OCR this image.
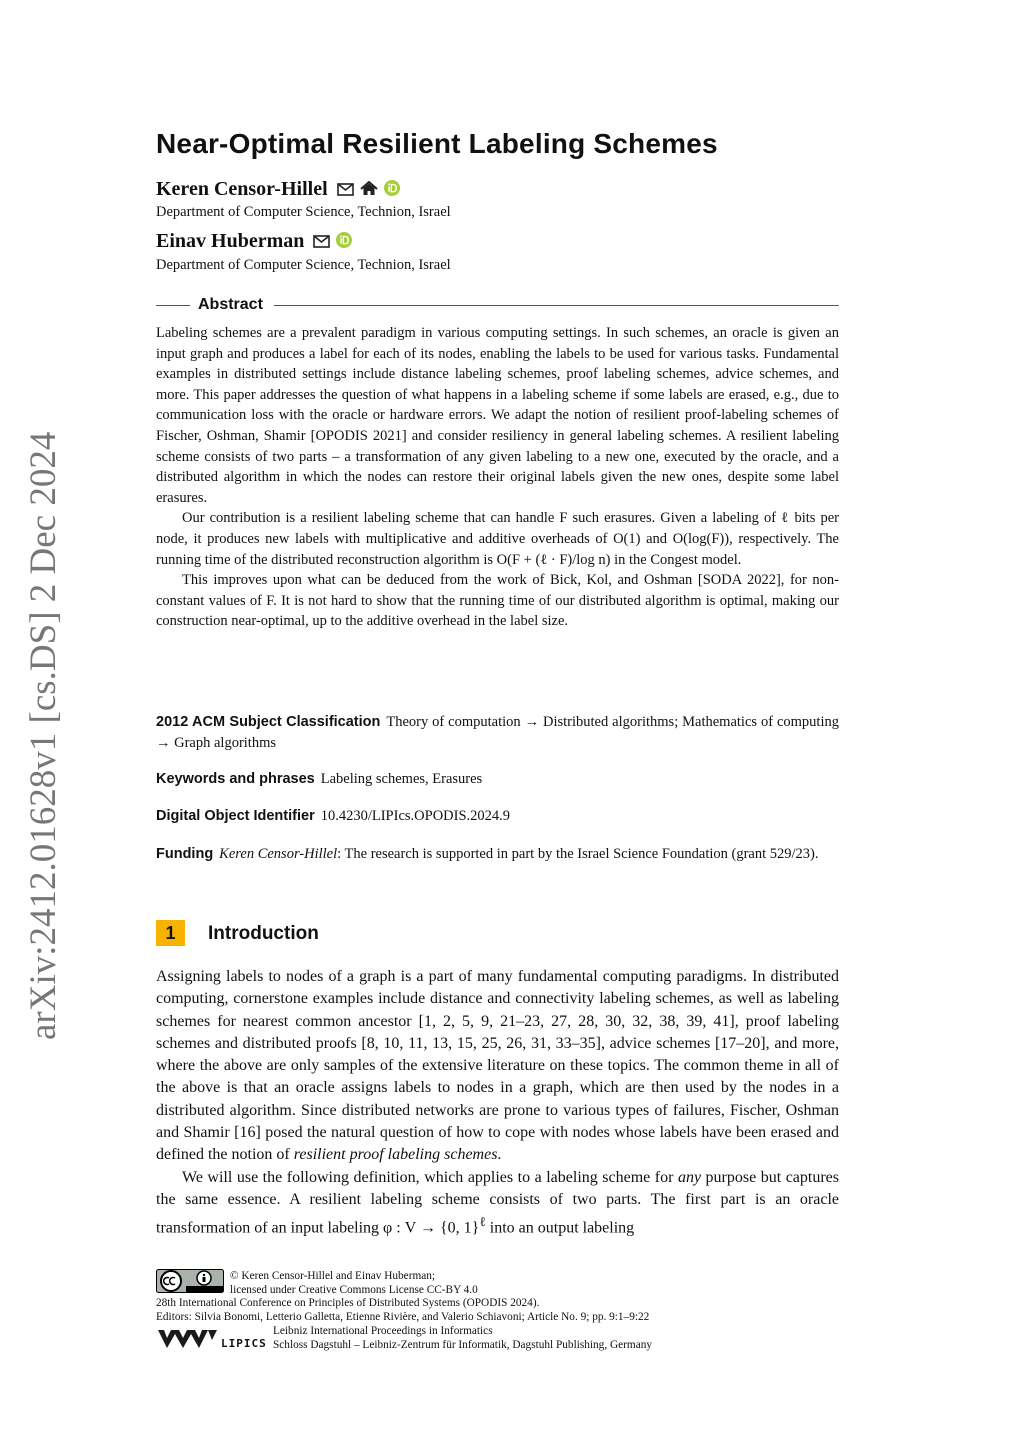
arXiv:2412.01628v1 [cs.DS] 2 Dec 2024
Near-Optimal Resilient Labeling Schemes
Keren Censor-Hillel
Department of Computer Science, Technion, Israel
Einav Huberman
Department of Computer Science, Technion, Israel
Abstract

Labeling schemes are a prevalent paradigm in various computing settings. In such schemes, an oracle is given an input graph and produces a label for each of its nodes, enabling the labels to be used for various tasks. Fundamental examples in distributed settings include distance labeling schemes, proof labeling schemes, advice schemes, and more. This paper addresses the question of what happens in a labeling scheme if some labels are erased, e.g., due to communication loss with the oracle or hardware errors. We adapt the notion of resilient proof-labeling schemes of Fischer, Oshman, Shamir [OPODIS 2021] and consider resiliency in general labeling schemes. A resilient labeling scheme consists of two parts – a transformation of any given labeling to a new one, executed by the oracle, and a distributed algorithm in which the nodes can restore their original labels given the new ones, despite some label erasures.

Our contribution is a resilient labeling scheme that can handle F such erasures. Given a labeling of ℓ bits per node, it produces new labels with multiplicative and additive overheads of O(1) and O(log(F)), respectively. The running time of the distributed reconstruction algorithm is O(F + (ℓ · F)/log n) in the Congest model.

This improves upon what can be deduced from the work of Bick, Kol, and Oshman [SODA 2022], for non-constant values of F. It is not hard to show that the running time of our distributed algorithm is optimal, making our construction near-optimal, up to the additive overhead in the label size.

2012 ACM Subject Classification Theory of computation → Distributed algorithms; Mathematics of computing → Graph algorithms
Keywords and phrases Labeling schemes, Erasures
Digital Object Identifier 10.4230/LIPIcs.OPODIS.2024.9
Funding Keren Censor-Hillel: The research is supported in part by the Israel Science Foundation (grant 529/23).
1	Introduction

Assigning labels to nodes of a graph is a part of many fundamental computing paradigms. In distributed computing, cornerstone examples include distance and connectivity labeling schemes, as well as labeling schemes for nearest common ancestor [1, 2, 5, 9, 21–23, 27, 28, 30, 32, 38, 39, 41], proof labeling schemes and distributed proofs [8, 10, 11, 13, 15, 25, 26, 31, 33–35], advice schemes [17–20], and more, where the above are only samples of the extensive literature on these topics. The common theme in all of the above is that an oracle assigns labels to nodes in a graph, which are then used by the nodes in a distributed algorithm. Since distributed networks are prone to various types of failures, Fischer, Oshman and Shamir [16] posed the natural question of how to cope with nodes whose labels have been erased and defined the notion of resilient proof labeling schemes.

We will use the following definition, which applies to a labeling scheme for any purpose but captures the same essence. A resilient labeling scheme consists of two parts. The first part is an oracle transformation of an input labeling φ : V → {0, 1}$^\ell$ into an output labeling

© Keren Censor-Hillel and Einav Huberman;
licensed under Creative Commons License CC-BY 4.0
28th International Conference on Principles of Distributed Systems (OPODIS 2024).
Editors: Silvia Bonomi, Letterio Galletta, Etienne Rivière, and Valerio Schiavoni; Article No. 9; pp. 9:1–9:22
LIPICS
Leibniz International Proceedings in Informatics
Schloss Dagstuhl – Leibniz-Zentrum für Informatik, Dagstuhl Publishing, Germany
